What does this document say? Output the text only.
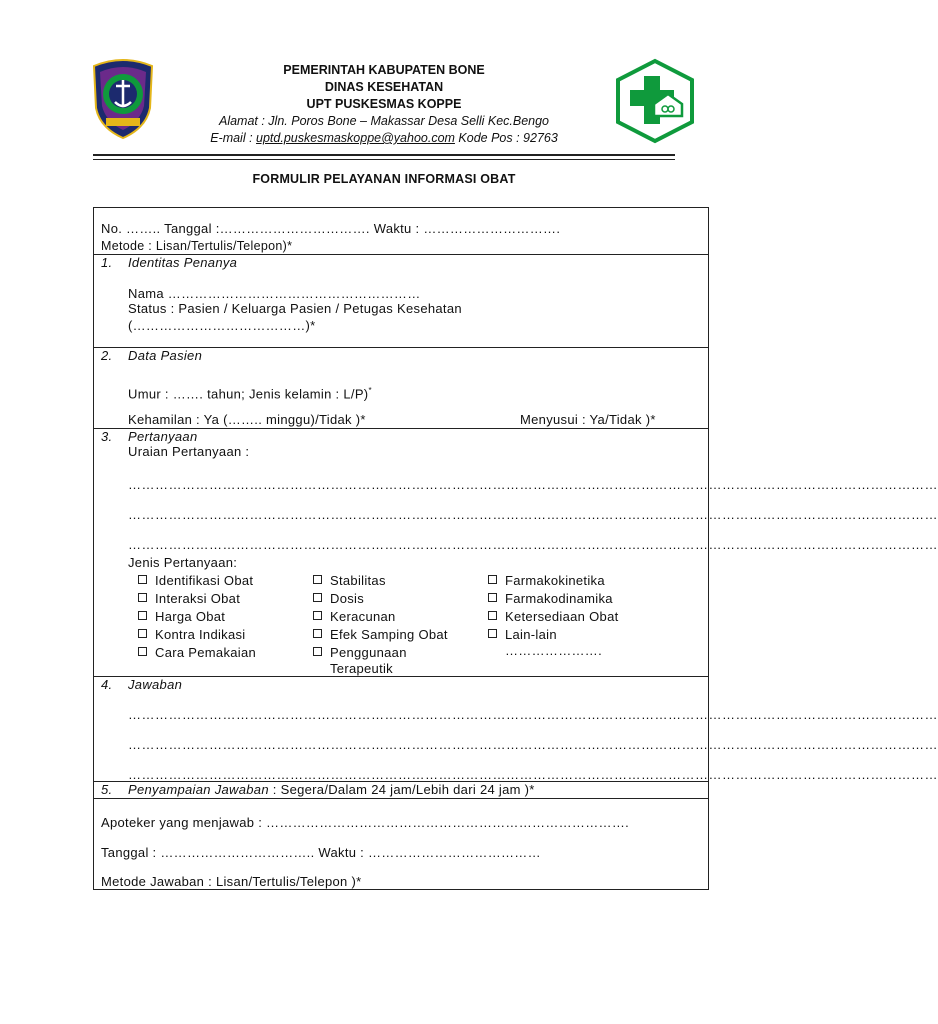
PEMERINTAH KABUPATEN BONE
DINAS KESEHATAN
UPT PUSKESMAS KOPPE
Alamat : Jln. Poros Bone – Makassar Desa Selli Kec.Bengo
E-mail : uptd.puskesmaskoppe@yahoo.com Kode Pos : 92763
FORMULIR PELAYANAN INFORMASI OBAT
No. …….. Tanggal :……………………………. Waktu : ………………………….
Metode : Lisan/Tertulis/Telepon)*
1. Identitas Penanya
Nama …………………………………………………
Status : Pasien / Keluarga Pasien / Petugas Kesehatan
(…………………………………)*
2. Data Pasien
Umur : ……. tahun; Jenis kelamin : L/P)*
Kehamilan : Ya (…….. minggu)/Tidak )*	Menyusui : Ya/Tidak )*
3. Pertanyaan
Uraian Pertanyaan :
………………………………………………………………………………………………………………………………………………………………
………………………………………………………………………………………………………………………………………………………………
………………………………………………………………………………………………………………………………………………………………
Jenis Pertanyaan:
Identifikasi Obat	Stabilitas	Farmakokinetika
Interaksi Obat	Dosis	Farmakodinamika
Harga Obat	Keracunan	Ketersediaan Obat
Kontra Indikasi	Efek Samping Obat	Lain-lain
Cara Pemakaian	Penggunaan
Terapeutik
………………….
4. Jawaban
………………………………………………………………………………………………………………………………………………………………
………………………………………………………………………………………………………………………………………………………………
………………………………………………………………………………………………………………………………………………………………
5. Penyampaian Jawaban : Segera/Dalam 24 jam/Lebih dari 24 jam )*
Apoteker yang menjawab : ……………………………………………………………………….
Tanggal : …………………………….. Waktu : …………………………………
Metode Jawaban : Lisan/Tertulis/Telepon )*
